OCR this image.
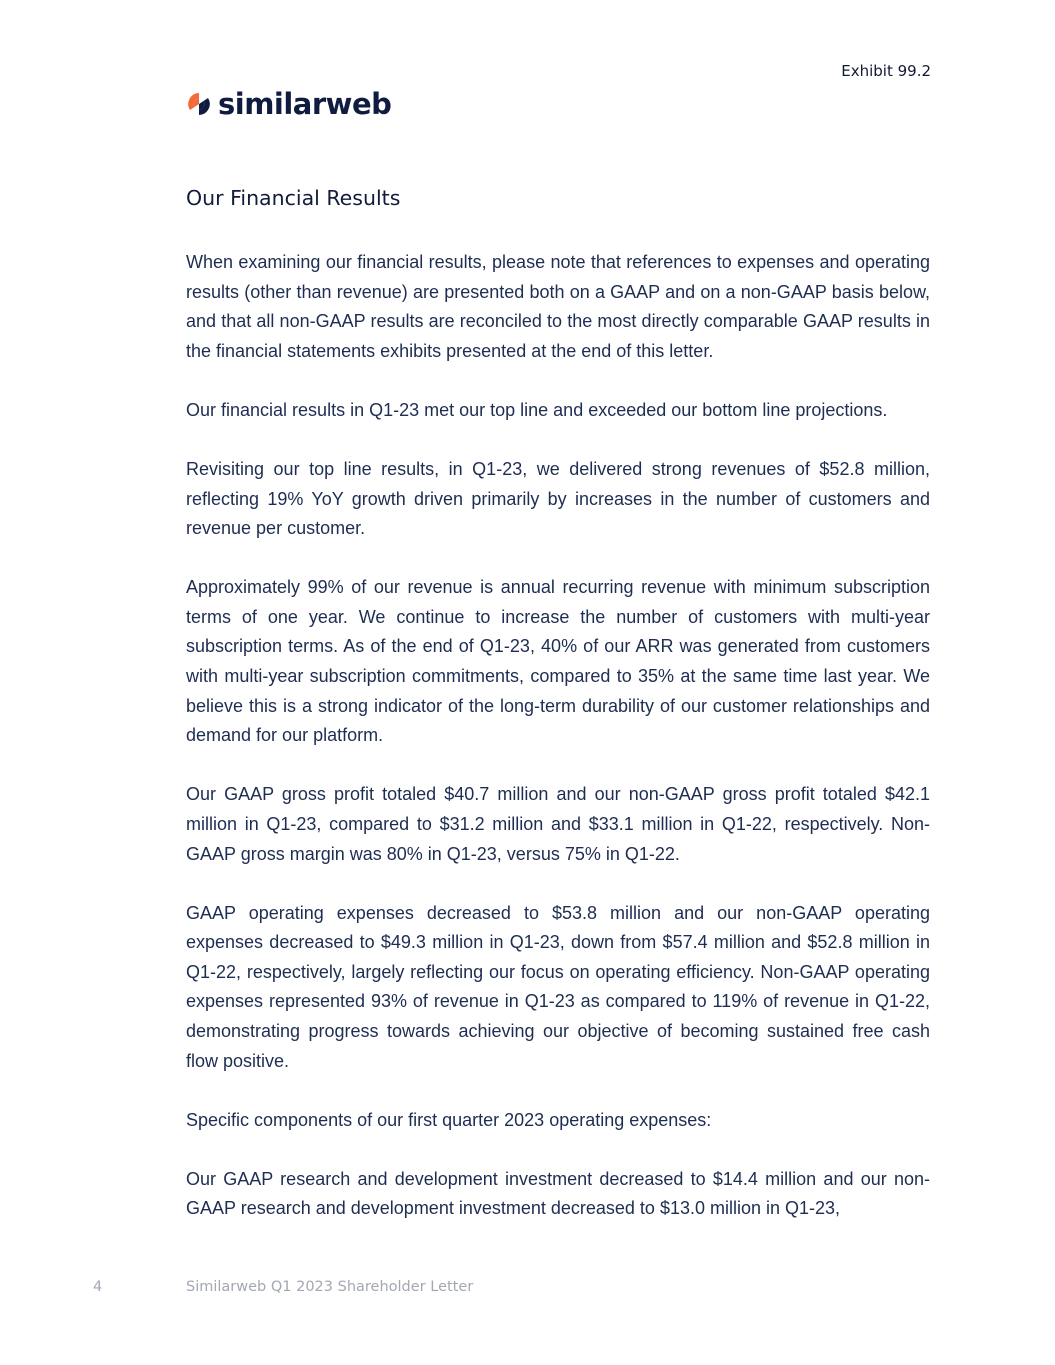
Exhibit 99.2
similarweb
Our Financial Results

When examining our financial results, please note that references to expenses and operating results (other than revenue) are presented both on a GAAP and on a non-GAAP basis below, and that all non-GAAP results are reconciled to the most directly comparable GAAP results in the financial statements exhibits presented at the end of this letter.

Our financial results in Q1-23 met our top line and exceeded our bottom line projections.

Revisiting our top line results, in Q1-23, we delivered strong revenues of $52.8 million, reflecting 19% YoY growth driven primarily by increases in the number of customers and revenue per customer.

Approximately 99% of our revenue is annual recurring revenue with minimum subscription terms of one year. We continue to increase the number of customers with multi-year subscription terms. As of the end of Q1-23, 40% of our ARR was generated from customers with multi-year subscription commitments, compared to 35% at the same time last year. We believe this is a strong indicator of the long-term durability of our customer relationships and demand for our platform.

Our GAAP gross profit totaled $40.7 million and our non-GAAP gross profit totaled $42.1 million in Q1-23, compared to $31.2 million and $33.1 million in Q1-22, respectively. Non-GAAP gross margin was 80% in Q1-23, versus 75% in Q1-22.

GAAP operating expenses decreased to $53.8 million and our non-GAAP operating expenses decreased to $49.3 million in Q1-23, down from $57.4 million and $52.8 million in Q1-22, respectively, largely reflecting our focus on operating efficiency. Non-GAAP operating expenses represented 93% of revenue in Q1-23 as compared to 119% of revenue in Q1-22, demonstrating progress towards achieving our objective of becoming sustained free cash flow positive.

Specific components of our first quarter 2023 operating expenses:

Our GAAP research and development investment decreased to $14.4 million and our non-GAAP research and development investment decreased to $13.0 million in Q1-23,

4	Similarweb Q1 2023 Shareholder Letter
